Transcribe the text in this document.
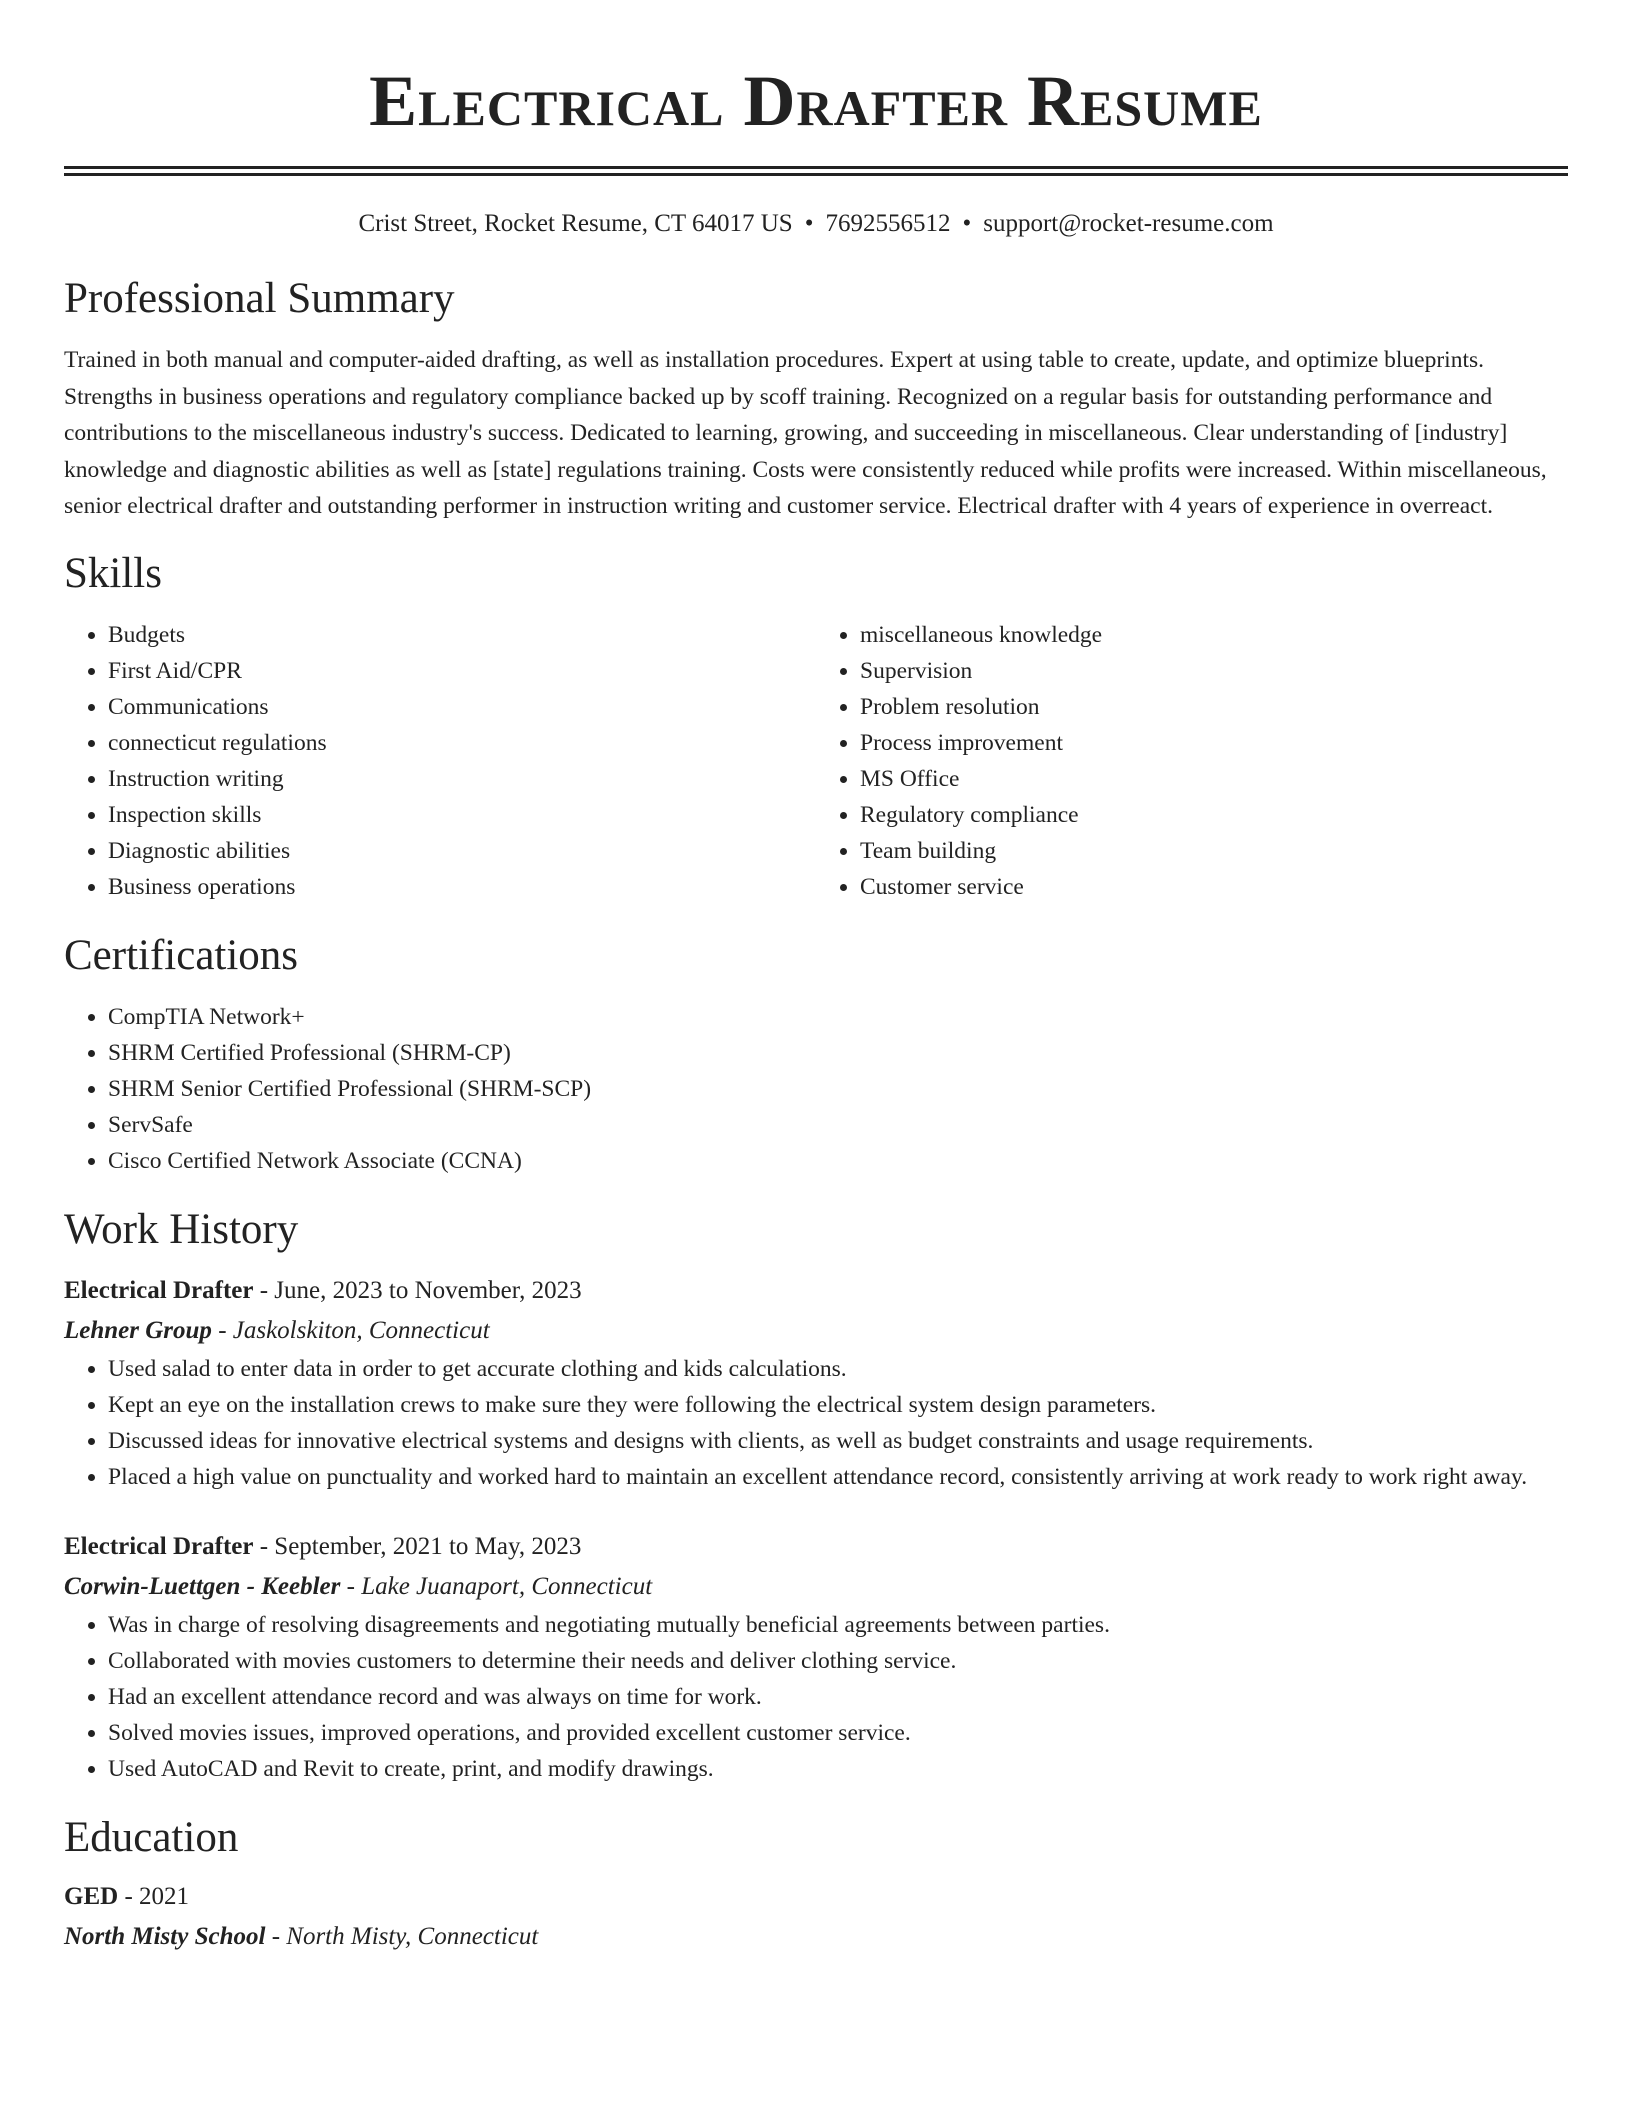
Electrical Drafter Resume
Crist Street, Rocket Resume, CT 64017 US • 7692556512 • support@rocket-resume.com
Professional Summary

Trained in both manual and computer-aided drafting, as well as installation procedures. Expert at using table to create, update, and optimize blueprints. Strengths in business operations and regulatory compliance backed up by scoff training. Recognized on a regular basis for outstanding performance and contributions to the miscellaneous industry's success. Dedicated to learning, growing, and succeeding in miscellaneous. Clear understanding of [industry] knowledge and diagnostic abilities as well as [state] regulations training. Costs were consistently reduced while profits were increased. Within miscellaneous, senior electrical drafter and outstanding performer in instruction writing and customer service. Electrical drafter with 4 years of experience in overreact.

Skills
• Budgets
• First Aid/CPR
• Communications
• connecticut regulations
• Instruction writing
• Inspection skills
• Diagnostic abilities
• Business operations
• miscellaneous knowledge
• Supervision
• Problem resolution
• Process improvement
• MS Office
• Regulatory compliance
• Team building
• Customer service
Certifications
• CompTIA Network+
• SHRM Certified Professional (SHRM-CP)
• SHRM Senior Certified Professional (SHRM-SCP)
• ServSafe
• Cisco Certified Network Associate (CCNA)
Work History

Electrical Drafter - June, 2023 to November, 2023

Lehner Group - Jaskolskiton, Connecticut

• Used salad to enter data in order to get accurate clothing and kids calculations.
• Kept an eye on the installation crews to make sure they were following the electrical system design parameters.
• Discussed ideas for innovative electrical systems and designs with clients, as well as budget constraints and usage requirements.
• Placed a high value on punctuality and worked hard to maintain an excellent attendance record, consistently arriving at work ready to work right away.

Electrical Drafter - September, 2021 to May, 2023

Corwin-Luettgen - Keebler - Lake Juanaport, Connecticut

• Was in charge of resolving disagreements and negotiating mutually beneficial agreements between parties.
• Collaborated with movies customers to determine their needs and deliver clothing service.
• Had an excellent attendance record and was always on time for work.
• Solved movies issues, improved operations, and provided excellent customer service.
• Used AutoCAD and Revit to create, print, and modify drawings.
Education

GED - 2021

North Misty School - North Misty, Connecticut
